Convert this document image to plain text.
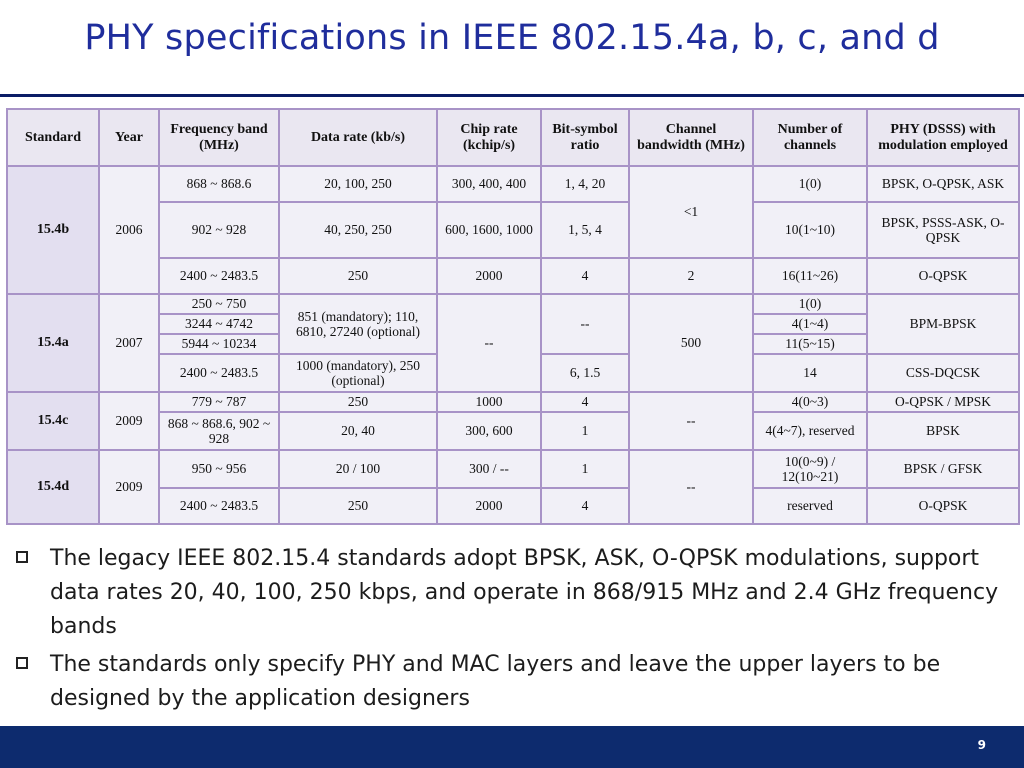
PHY specifications in IEEE 802.15.4a, b, c, and d
Standard	Year	Frequency band (MHz)	Data rate (kb/s)	Chip rate (kchip/s)	Bit-symbol ratio	Channel bandwidth (MHz)	Number of channels	PHY (DSSS) with modulation employed
15.4b	2006	868 ~ 868.6	20, 100, 250	300, 400, 400	1, 4, 20	<1	1(0)	BPSK, O-QPSK, ASK
		902 ~ 928	40, 250, 250	600, 1600, 1000	1, 5, 4		10(1~10)	BPSK, PSSS-ASK, O-QPSK
		2400 ~ 2483.5	250	2000	4	2	16(11~26)	O-QPSK
15.4a	2007	250 ~ 750	851 (mandatory); 110, 6810, 27240 (optional)	--	--	500	1(0)	BPM-BPSK
		3244 ~ 4742					4(1~4)	
		5944 ~ 10234					11(5~15)	
		2400 ~ 2483.5	1000 (mandatory), 250 (optional)		6, 1.5		14	CSS-DQCSK
15.4c	2009	779 ~ 787	250	1000	4	--	4(0~3)	O-QPSK / MPSK
		868 ~ 868.6, 902 ~ 928	20, 40	300, 600	1		4(4~7), reserved	BPSK
15.4d	2009	950 ~ 956	20 / 100	300 / --	1	--	10(0~9) / 12(10~21)	BPSK / GFSK
		2400 ~ 2483.5	250	2000	4		reserved	O-QPSK
The legacy IEEE 802.15.4 standards adopt BPSK, ASK, O-QPSK modulations, support data rates 20, 40, 100, 250 kbps, and operate in 868/915 MHz and 2.4 GHz frequency bands
The standards only specify PHY and MAC layers and leave the upper layers to be designed by the application designers
9
